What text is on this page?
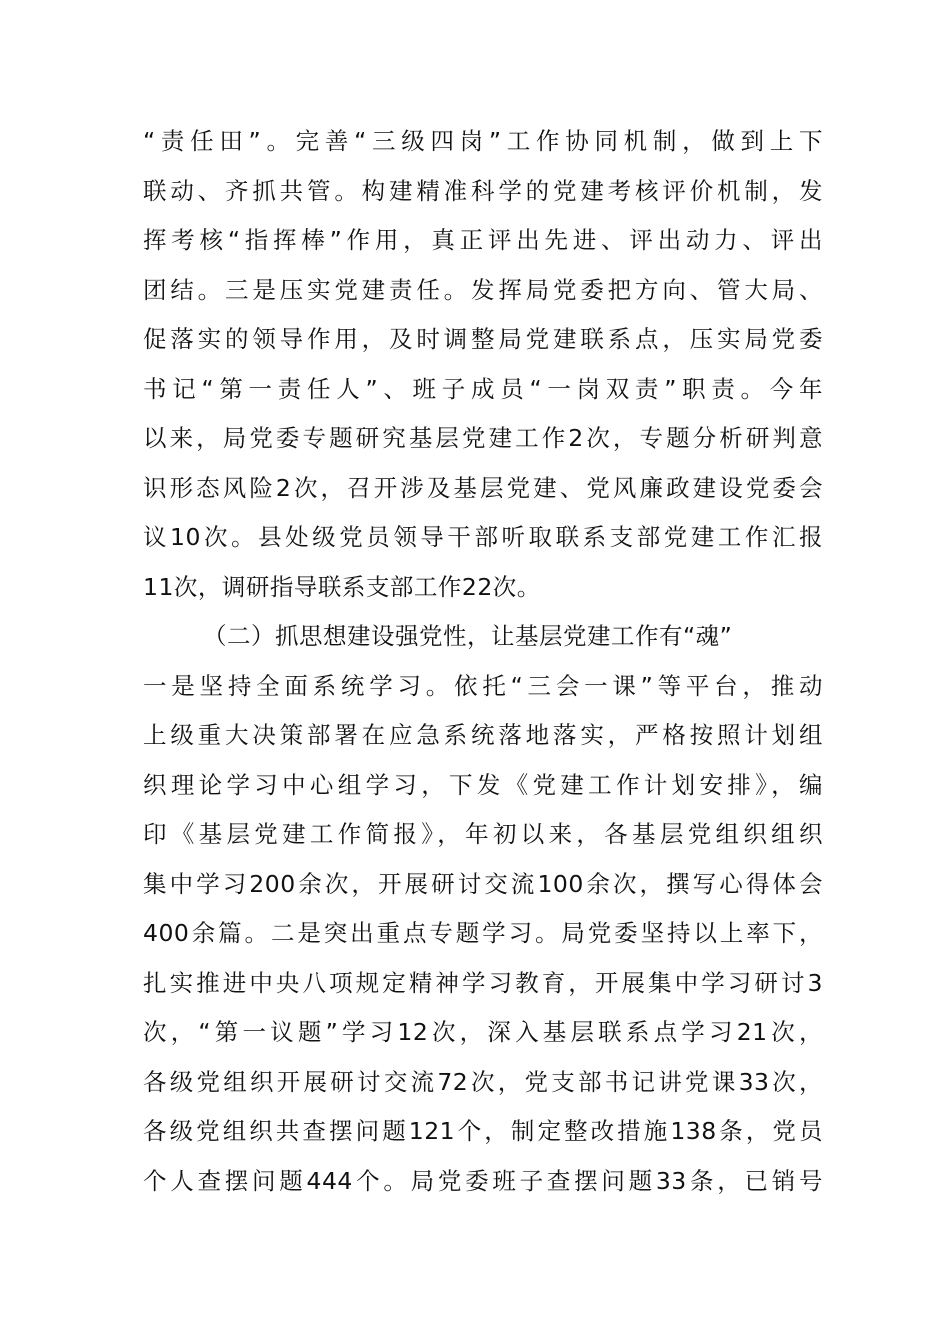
“责任田”。完善“三级四岗”工作协同机制，做到上下
联动、齐抓共管。构建精准科学的党建考核评价机制，发
挥考核“指挥棒”作用，真正评出先进、评出动力、评出
团结。三是压实党建责任。发挥局党委把方向、管大局、
促落实的领导作用，及时调整局党建联系点，压实局党委
书记“第一责任人”、班子成员“一岗双责”职责。今年
以来，局党委专题研究基层党建工作2次，专题分析研判意
识形态风险2次，召开涉及基层党建、党风廉政建设党委会
议10次。县处级党员领导干部听取联系支部党建工作汇报
11次，调研指导联系支部工作22次。
（二）抓思想建设强党性，让基层党建工作有“魂”
一是坚持全面系统学习。依托“三会一课”等平台，推动
上级重大决策部署在应急系统落地落实，严格按照计划组
织理论学习中心组学习，下发《党建工作计划安排》，编
印《基层党建工作简报》，年初以来，各基层党组织组织
集中学习200余次，开展研讨交流100余次，撰写心得体会
400余篇。二是突出重点专题学习。局党委坚持以上率下，
扎实推进中央八项规定精神学习教育，开展集中学习研讨3
次，“第一议题”学习12次，深入基层联系点学习21次，
各级党组织开展研讨交流72次，党支部书记讲党课33次，
各级党组织共查摆问题121个，制定整改措施138条，党员
个人查摆问题444个。局党委班子查摆问题33条，已销号
